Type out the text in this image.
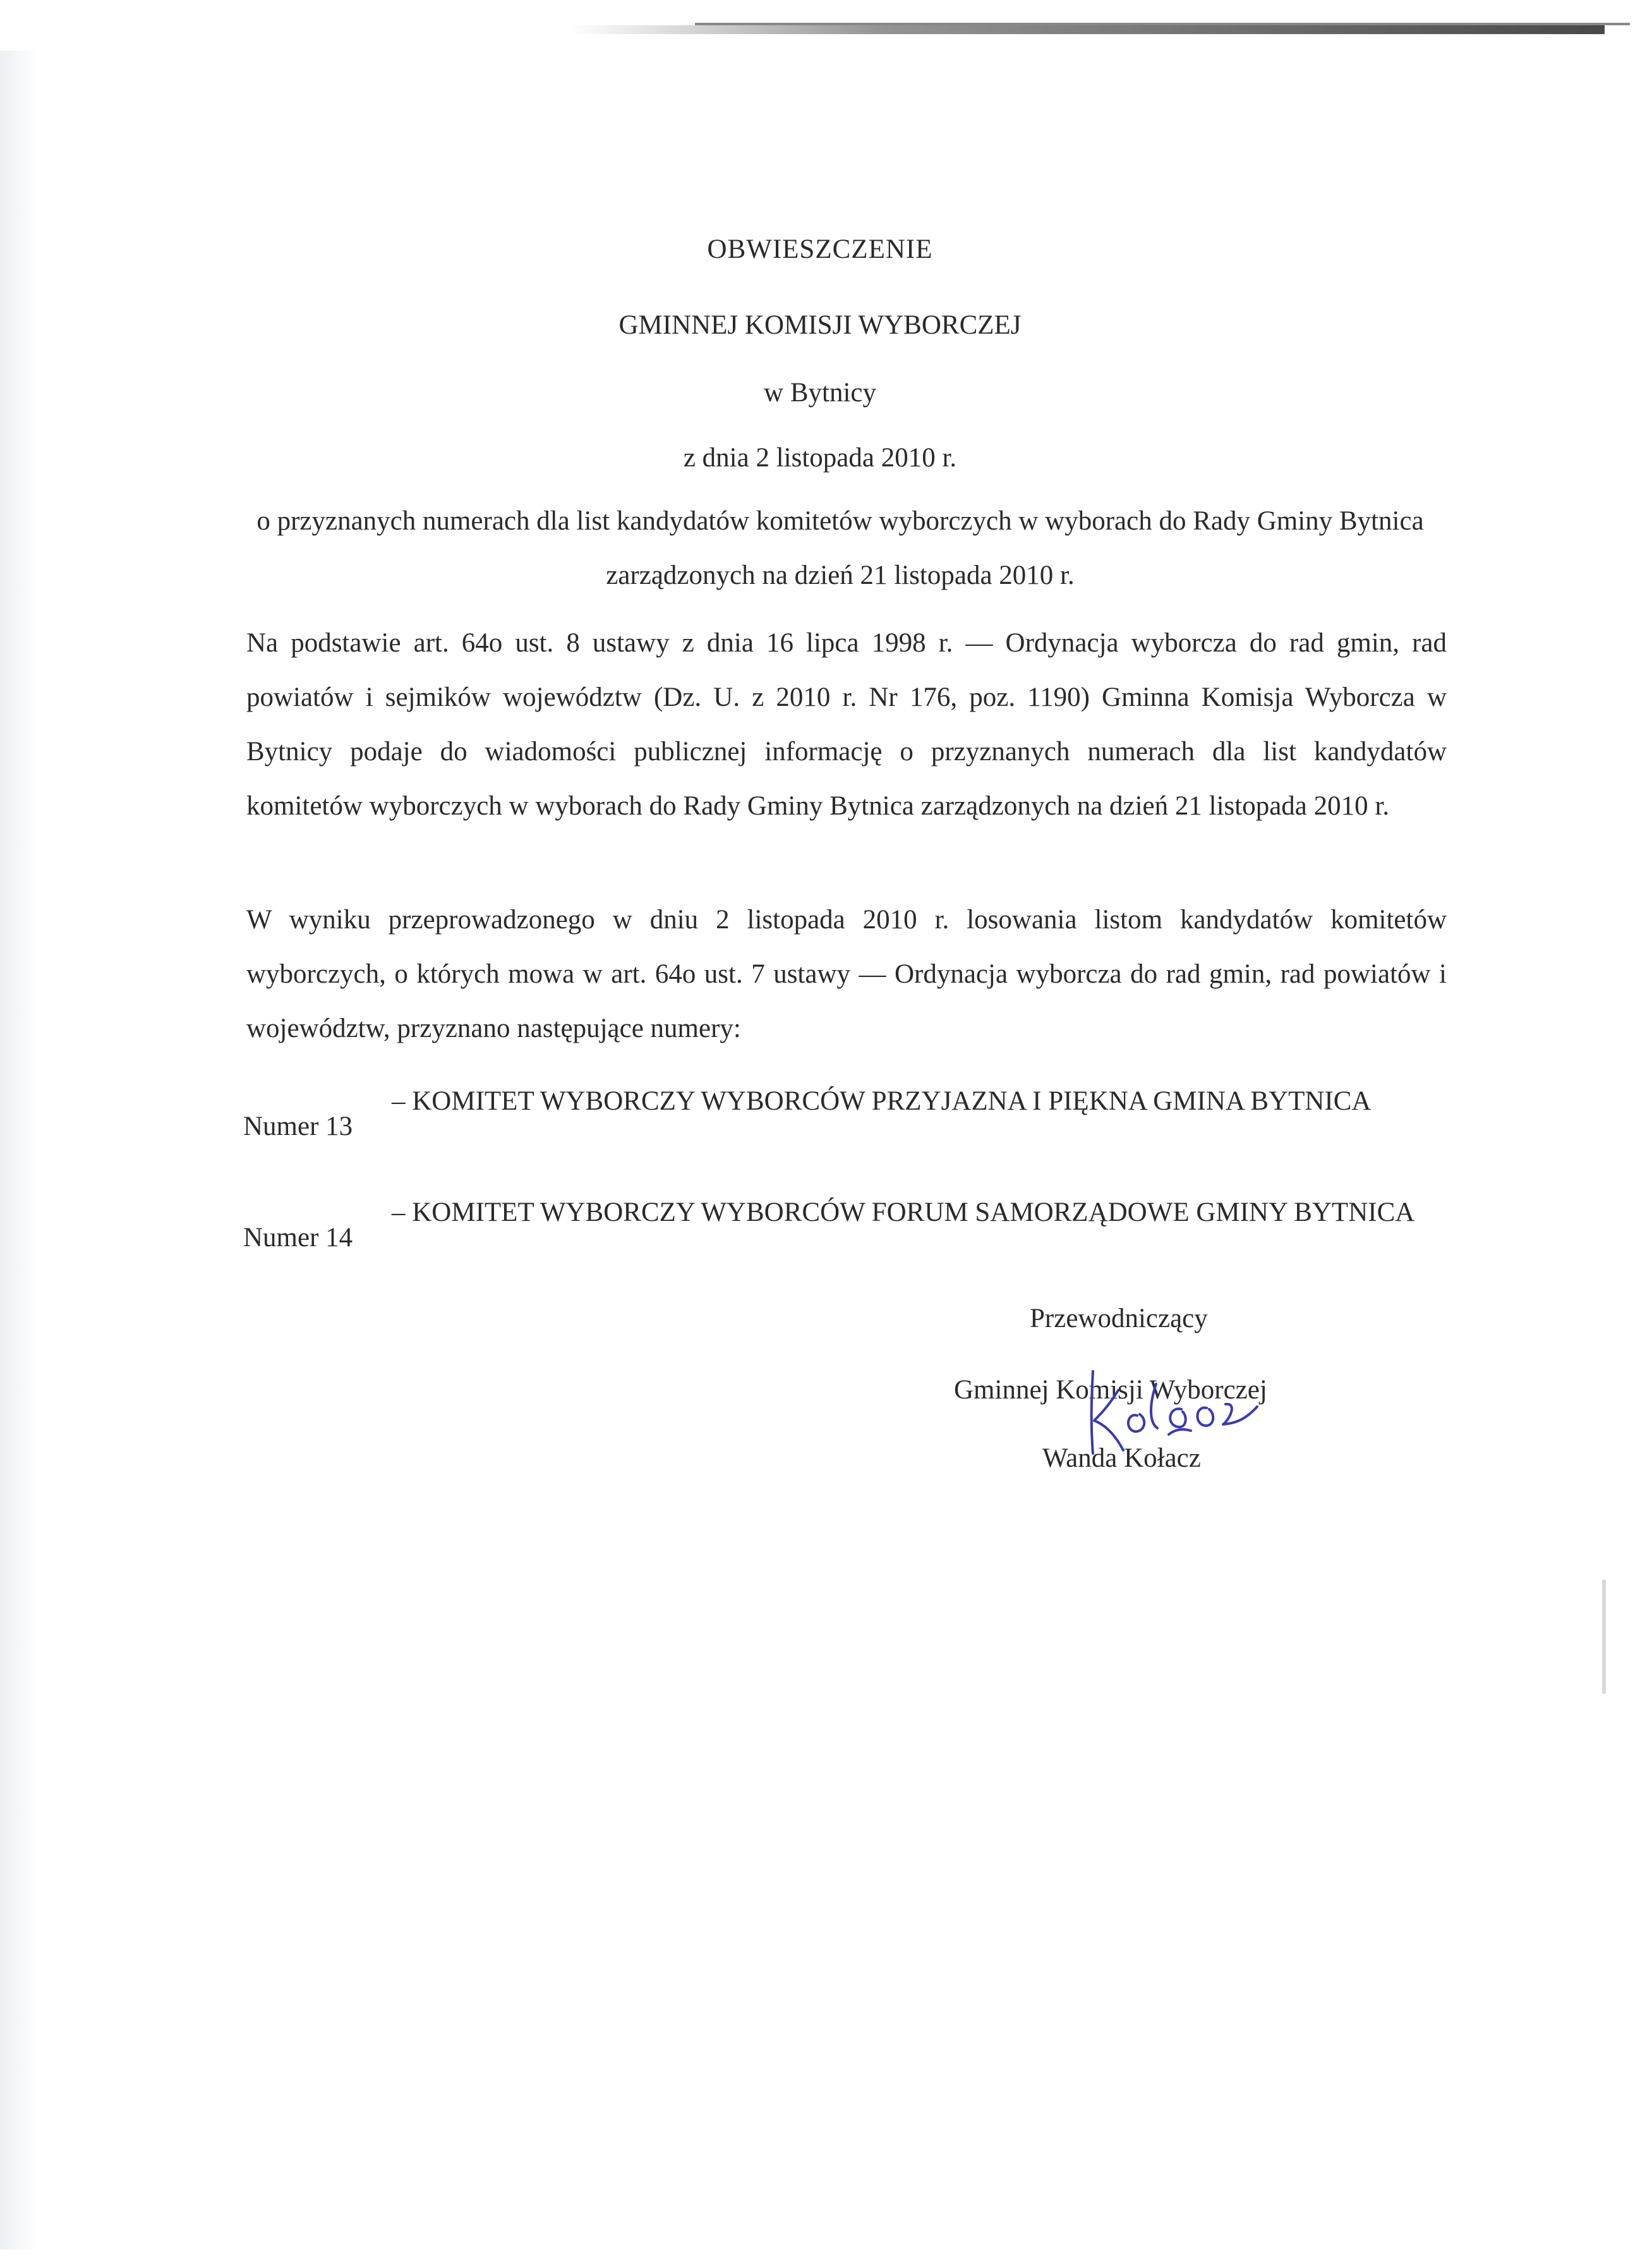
OBWIESZCZENIE
GMINNEJ KOMISJI WYBORCZEJ
w Bytnicy
z dnia 2 listopada 2010 r.
o przyznanych numerach dla list kandydatów komitetów wyborczych w wyborach do Rady Gminy Bytnica zarządzonych na dzień 21 listopada 2010 r.
Na podstawie art. 64o ust. 8 ustawy z dnia 16 lipca 1998 r. — Ordynacja wyborcza do rad gmin, rad powiatów i sejmików województw (Dz. U. z 2010 r. Nr 176, poz. 1190) Gminna Komisja Wyborcza w Bytnicy podaje do wiadomości publicznej informację o przyznanych numerach dla list kandydatów komitetów wyborczych w wyborach do Rady Gminy Bytnica zarządzonych na dzień 21 listopada 2010 r.
W wyniku przeprowadzonego w dniu 2 listopada 2010 r. losowania listom kandydatów komitetów wyborczych, o których mowa w art. 64o ust. 7 ustawy — Ordynacja wyborcza do rad gmin, rad powiatów i województw, przyznano następujące numery:
Numer 13
– KOMITET WYBORCZY WYBORCÓW PRZYJAZNA I PIĘKNA GMINA BYTNICA
Numer 14
– KOMITET WYBORCZY WYBORCÓW FORUM SAMORZĄDOWE GMINY BYTNICA
Przewodniczący
Gminnej Komisji Wyborczej
Wanda Kołacz
